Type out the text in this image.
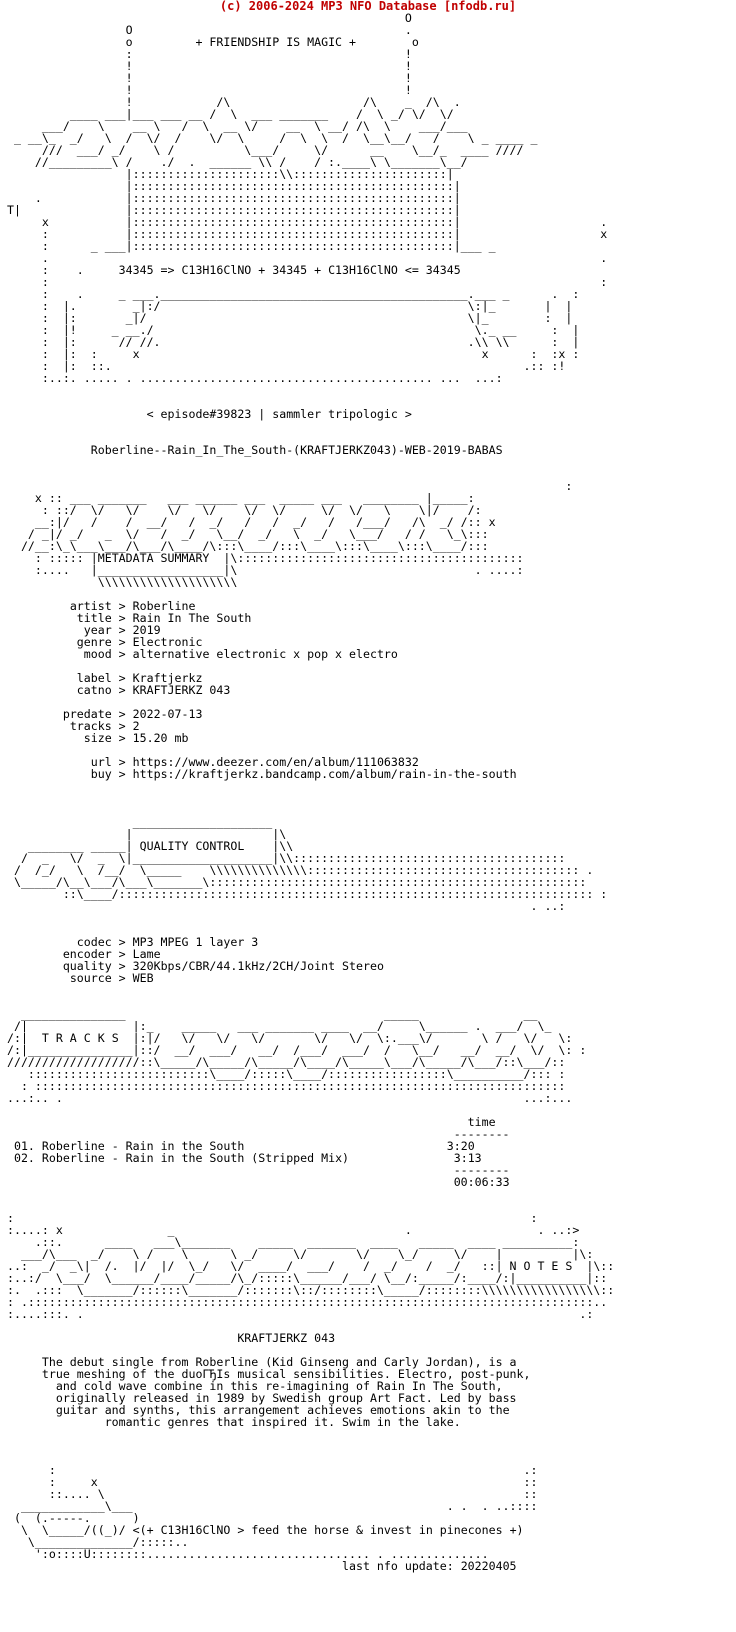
(c) 2006-2024 MP3 NFO Database [nfodb.ru]

O
O                                       .
o         + FRIENDSHIP IS MAGIC +        o
:                                       !
!                                       !
!                                       !
!                                       !
!            /\                   /\    _  /\  .
____ ___|___ ___ __ /  \  ___ _______    /  \ _/ \/  \/
___/    \    __ \   /  \  __ \/    __  \ __/ /\  \    ___/___
_ __\_  _/   \  /  \/  /    \/  \     /  \  \  /  \__\__/   /    \ _ ____ _
///  ___/ _/    \ /          \___/     \/      __    \__/_  ____ ////
//_________\ /    ./  .  ______ \\ /    / :.____\ \_______\__/
|:::::::::::::::::::::\\::::::::::::::::::::::|
|::::::::::::::::::::::::::::::::::::::::::::::|
.            |::::::::::::::::::::::::::::::::::::::::::::::|
T|               |::::::::::::::::::::::::::::::::::::::::::::::|
x           |::::::::::::::::::::::::::::::::::::::::::::::|                    .
:           |::::::::::::::::::::::::::::::::::::::::::::::|                    x
:      _ ___|::::::::::::::::::::::::::::::::::::::::::::::|___ _
.                                                                               .
:    .     34345 => C13H16ClNO + 34345 + C13H16ClNO <= 34345
:                                                                               :
:    .     _ ___.____________________________________________.___ _      .  :
:  |.        _|:/                                            \:|_       |  |
:  |:       _|/                                              \|_        :  |
:  |!     _ __./                                              \._ __     :  |
:  |:      // //.                                            .\\ \\      :  |
:  |:  :     x                                                 x      :  :x :
:  |:  ::.                                                           .:: :!
:..:. ..... . .......................................... ...  ...:

< episode#39823 | sammler tripologic >

Roberline--Rain_In_The_South-(KRAFTJERKZ043)-WEB-2019-BABAS

:
x :: ___ _______   ___ ______ ___  _____ ___   ________ |_____:
: ::/  \/   \/    \/   \/    \/  \/     \/  \/   \    \|/    /:
__:|/   /    /  __/   /  _/   /   /  _/   /   /___/   /\  _/ /:: x
/ _|/ _/   _  \/   /  _/   \__/  _/   \  _/   \___/   / /   \_\:::
//__:\_\___\___/\___/\____/\:::\____/:::\____\:::\____\:::\____/:::
: ::::: |METADATA SUMMARY  |\:::::::::::::::::::::::::::::::::::::::::
:....   |__________________|\                                  . ....:
\\\\\\\\\\\\\\\\\\\\

artist > Roberline
title > Rain In The South
year > 2019
genre > Electronic
mood > alternative electronic x pop x electro

label > Kraftjerkz
catno > KRAFTJERKZ 043

predate > 2022-07-13
tracks > 2
size > 15.20 mb

url > https://www.deezer.com/en/album/111063832
buy > https://kraftjerkz.bandcamp.com/album/rain-in-the-south

____________________
|                    |\
________ _____| QUALITY CONTROL    |\\
/  _   \/  _  \|____________________|\\:::::::::::::::::::::::::::::::::::::::
/  /_/   \  /__/  \_____    \\\\\\\\\\\\\\::::::::::::::::::::::::::::::::::::::: .
\_____/\__\___/\___\_______\::::::::::::::::::::::::::::::::::::::::::::::::::::::
::\____/:::::::::::::::::::::::::::::::::::::::::::::::::::::::::::::::::::: :
. ..:

codec > MP3 MPEG 1 layer 3
encoder > Lame
quality > 320Kbps/CBR/44.1kHz/2CH/Joint Stereo
source > WEB

_______________                                     _____               __
/|               |:_    _____   ___ _______ ____  __/     \______ .  ___/  \_
/:|  T R A C K S  |:|/   \/   \/   \/       \/   \/  \:.___\/       \ /   \/   \:
/:|_______________|::/  __/  ___/   __/  /___/  ___/  /   \__/   __/  __/  \/  \: :
///////////////////::\_____/\_____/\_____/\____/\_____\___/\_____/\___/::\___/::
::::::::::::::::::::::::::\____/:::::\____/:::::::::::::::::\__________/::: :
: ::::::::::::::::::::::::::::::::::::::::::::::::::::::::::::::::::::::::::::
...:.. .                                                                  ...:...

time
--------
01. Roberline - Rain in the South	3:20
02. Roberline - Rain in the South (Stripped Mix)	3:13
--------
00:06:33

:                                                                          :
:....: x               _                                 .                  . ..:>
.::.      ____   ___\_______    _____  _______  ____   _____  ____ __________:
___/\___  _/    \ /    \      \ _/     \/       \/    \_/     \/    |          |\:
..:  _/  _\|  /.  |/  |/  \_/   \/  ____/  ___/    /  _/    /  _/   ::| N O T E S  |\::
:..:/  \___/  \______/____/_____/\_/:::::\______/___/ \__/:_____/:____/:|__________|::
:.  .:::  \_______/::::::\_______/:::::::\::/::::::::\_____/::::::::\\\\\\\\\\\\\\\\\::
: .:::::::::::::::::::::::::::::::::::::::::::::::::::::::::::::::::::::::::::::::::..
:....:::. .                                                                       .:

KRAFTJERKZ 043

The debut single from Roberline (Kid Ginseng and Carly Jordan), is a
true meshing of the duoГЂІs musical sensibilities. Electro, post-punk,
and cold wave combine in this re-imagining of Rain In The South,
originally released in 1989 by Swedish group Art Fact. Led by bass
guitar and synths, this arrangement achieves emotions akin to the
romantic genres that inspired it. Swim in the lake.

:                                                                   .:
:     x                                                             ::
::.... \                                                            ::
____________\___                                             . .  . ..::::
(  (.-----.      )
\  \_____/((_)/ <(+ C13H16ClNO > feed the horse & invest in pinecones +)
\______________/:::::..
':o::::U::::::::................................ . ..............
last nfo update: 20220405
